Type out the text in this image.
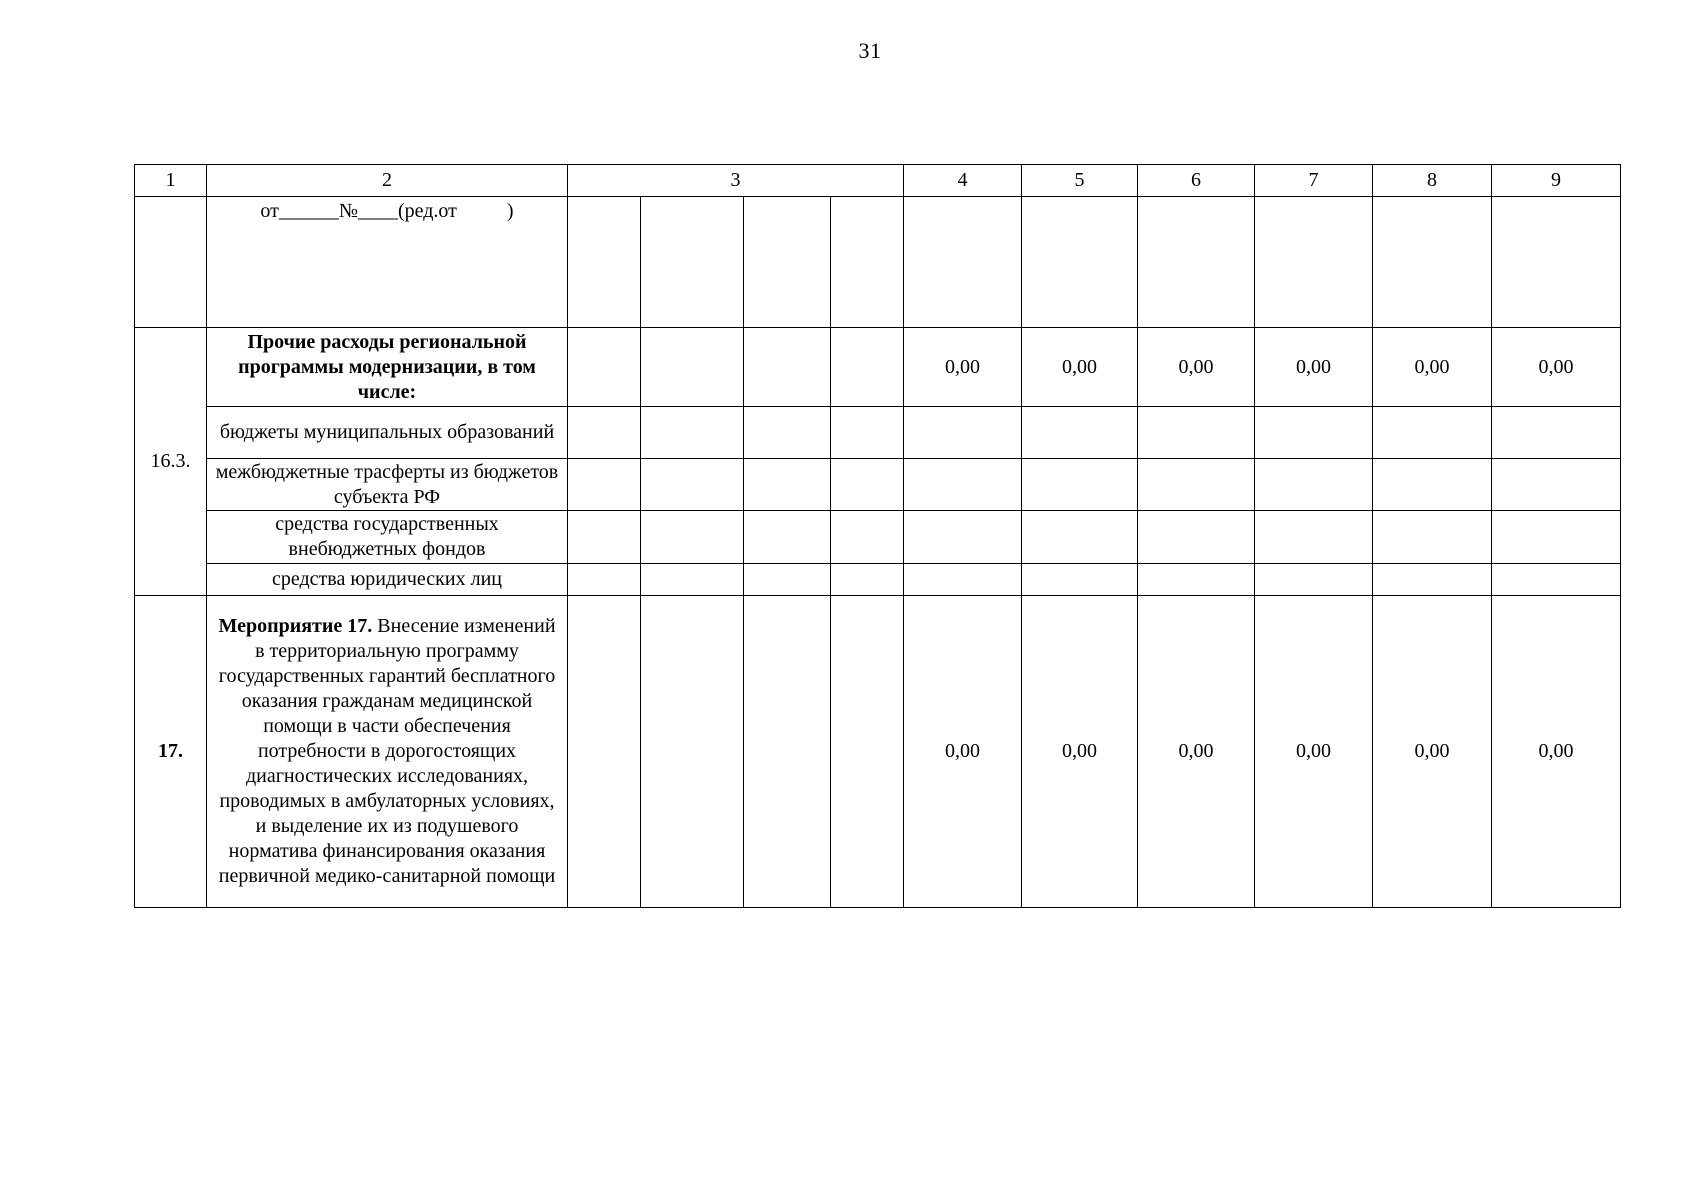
31
1	2	3				4	5	6	7	8	9
	от______№____(ред.от          )										
16.3.	Прочие расходы региональной программы модернизации, в том числе:					0,00	0,00	0,00	0,00	0,00	0,00
	бюджеты муниципальных образований										
	межбюджетные трасферты из бюджетов субъекта РФ										
	средства государственных внебюджетных фондов										
	средства юридических лиц										
17.	Мероприятие 17. Внесение изменений в территориальную программу государственных гарантий бесплатного оказания гражданам медицинской помощи в части обеспечения потребности в дорогостоящих диагностических исследованиях, проводимых в амбулаторных условиях, и выделение их из подушевого норматива финансирования оказания первичной медико-санитарной помощи					0,00	0,00	0,00	0,00	0,00	0,00
